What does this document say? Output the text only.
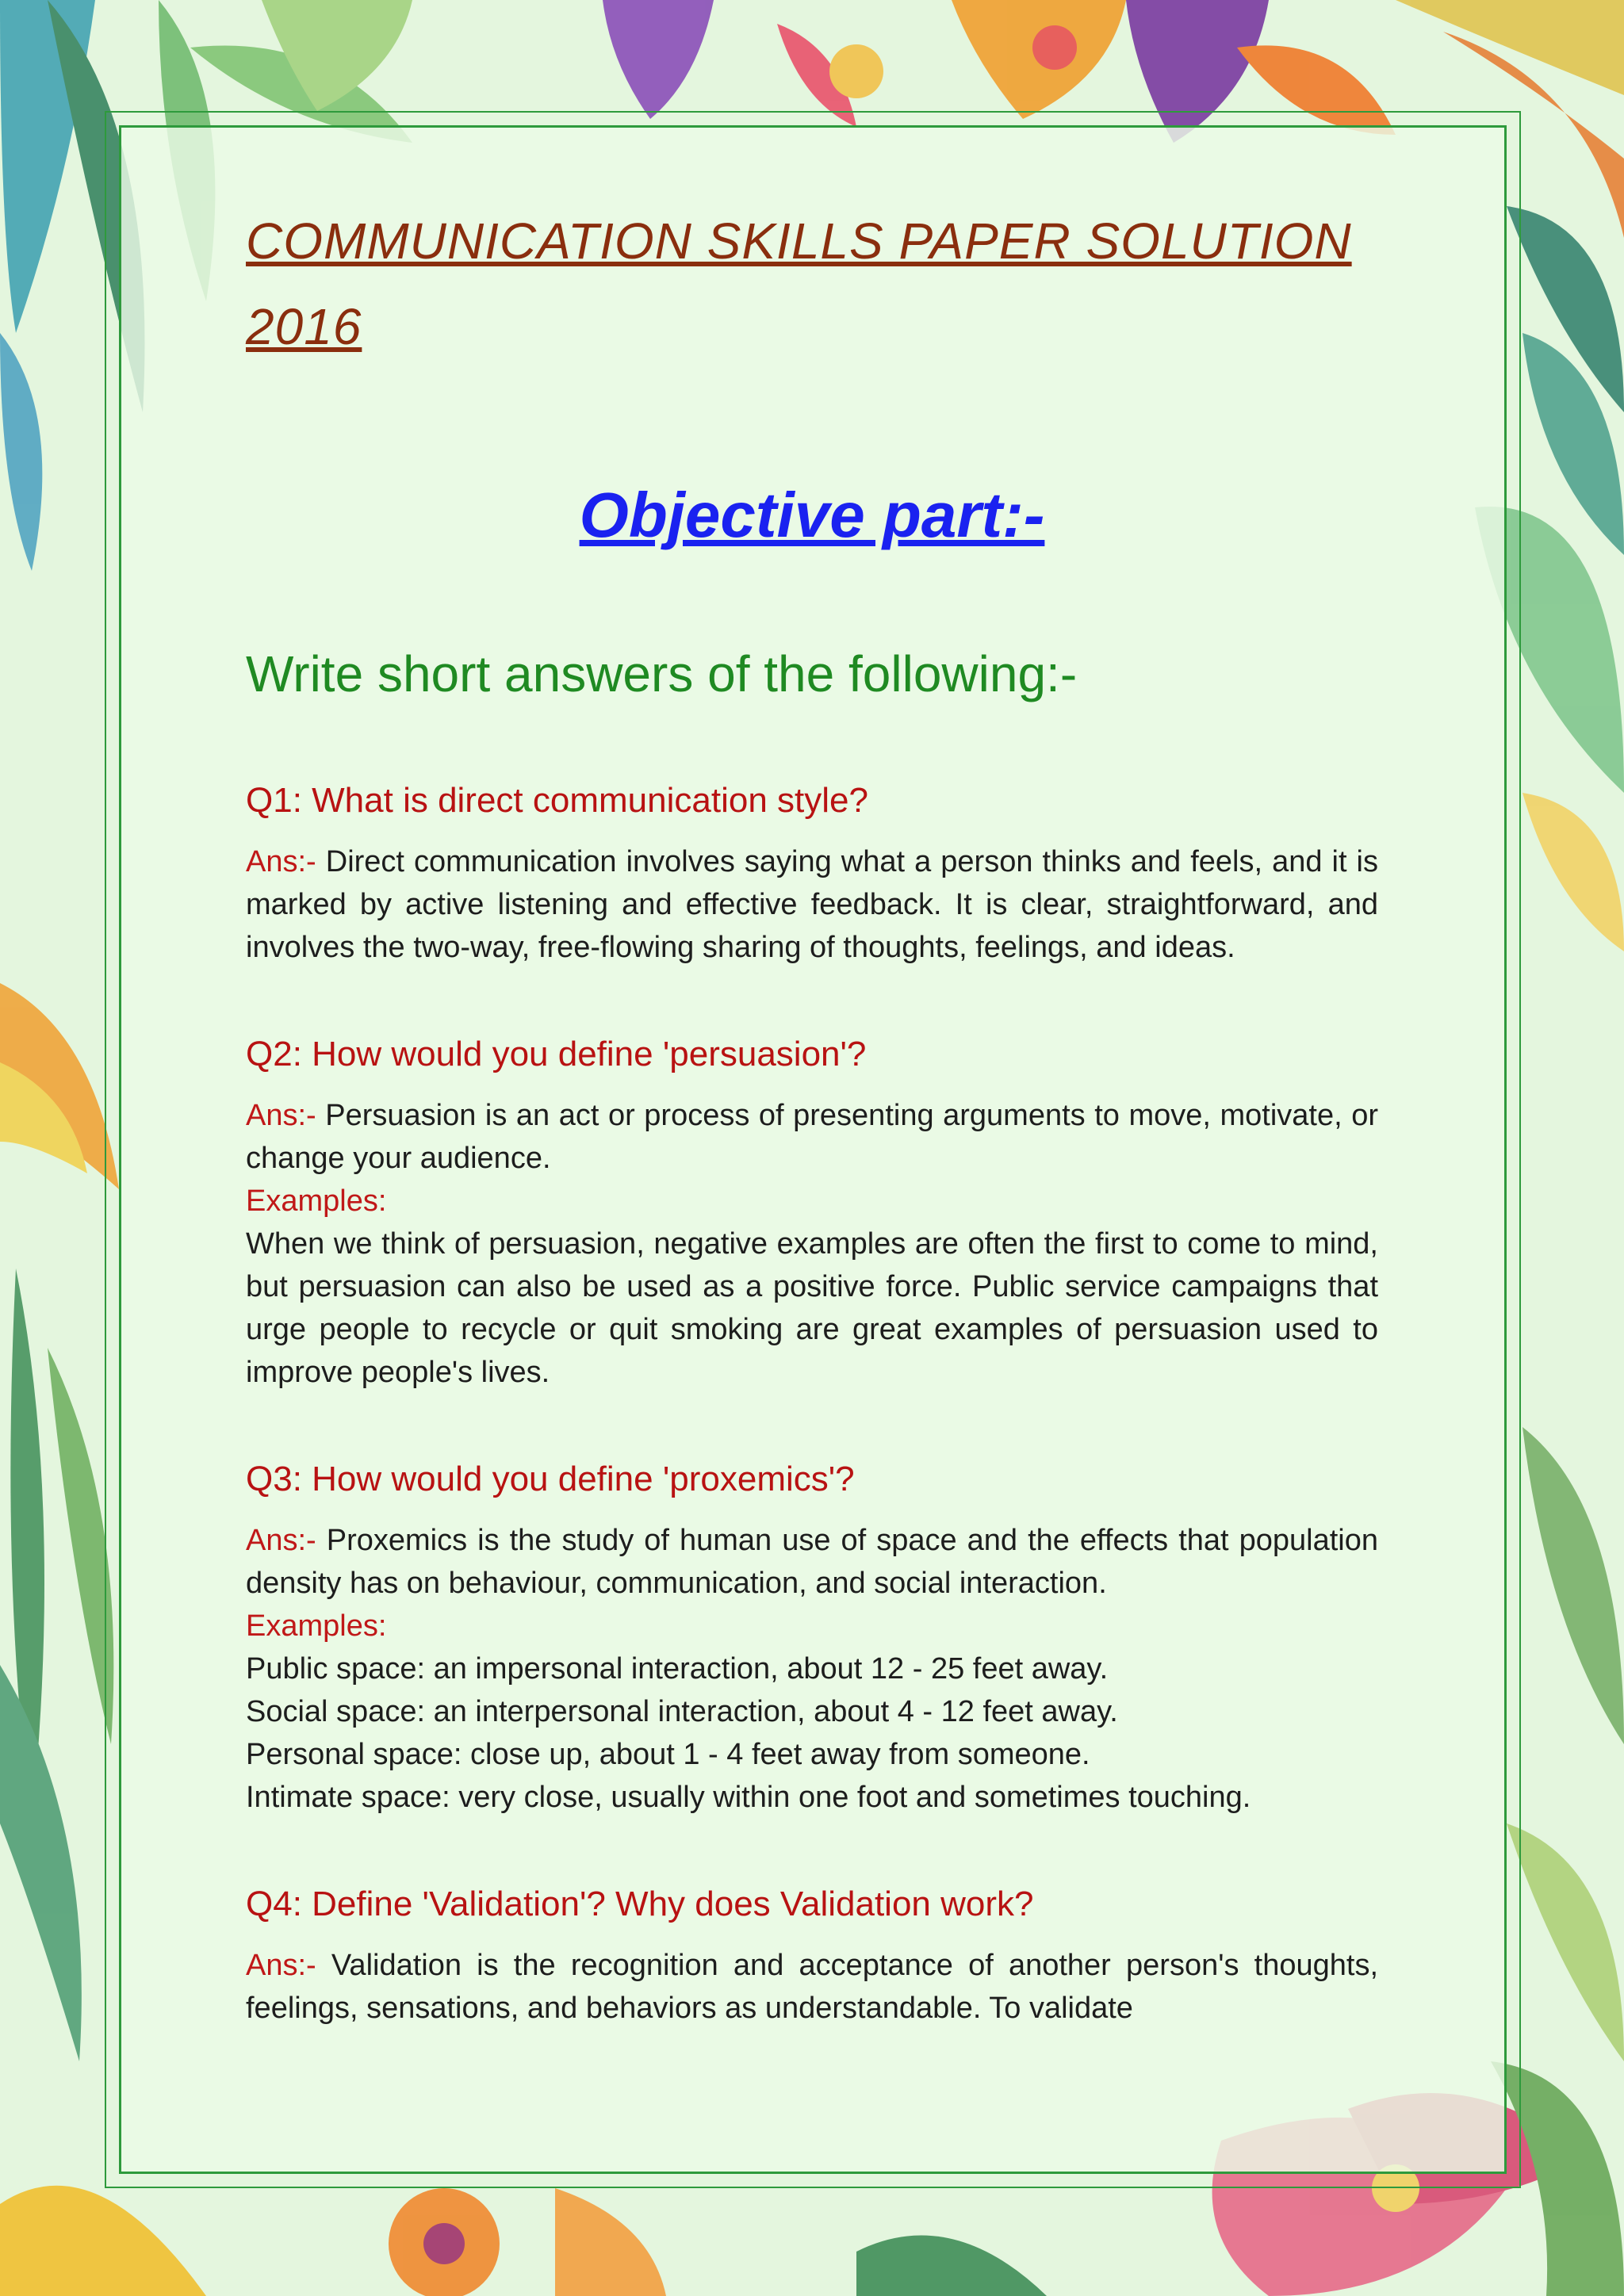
COMMUNICATION SKILLS PAPER SOLUTION 2016
Objective part:-
Write short answers of the following:-

Q1: What is direct communication style?

Ans:- Direct communication involves saying what a person thinks and feels, and it is marked by active listening and effective feedback. It is clear, straightforward, and involves the two-way, free-flowing sharing of thoughts, feelings, and ideas.

Q2: How would you define 'persuasion'?

Ans:- Persuasion is an act or process of presenting arguments to move, motivate, or change your audience.

Examples:
When we think of persuasion, negative examples are often the first to come to mind, but persuasion can also be used as a positive force. Public service campaigns that urge people to recycle or quit smoking are great examples of persuasion used to improve people's lives.

Q3: How would you define 'proxemics'?

Ans:- Proxemics is the study of human use of space and the effects that population density has on behaviour, communication, and social interaction.

Examples:
Public space: an impersonal interaction, about 12 - 25 feet away.
Social space: an interpersonal interaction, about 4 - 12 feet away.
Personal space: close up, about 1 - 4 feet away from someone.
Intimate space: very close, usually within one foot and sometimes touching.

Q4: Define 'Validation'? Why does Validation work?

Ans:- Validation is the recognition and acceptance of another person's thoughts, feelings, sensations, and behaviors as understandable. To validate
